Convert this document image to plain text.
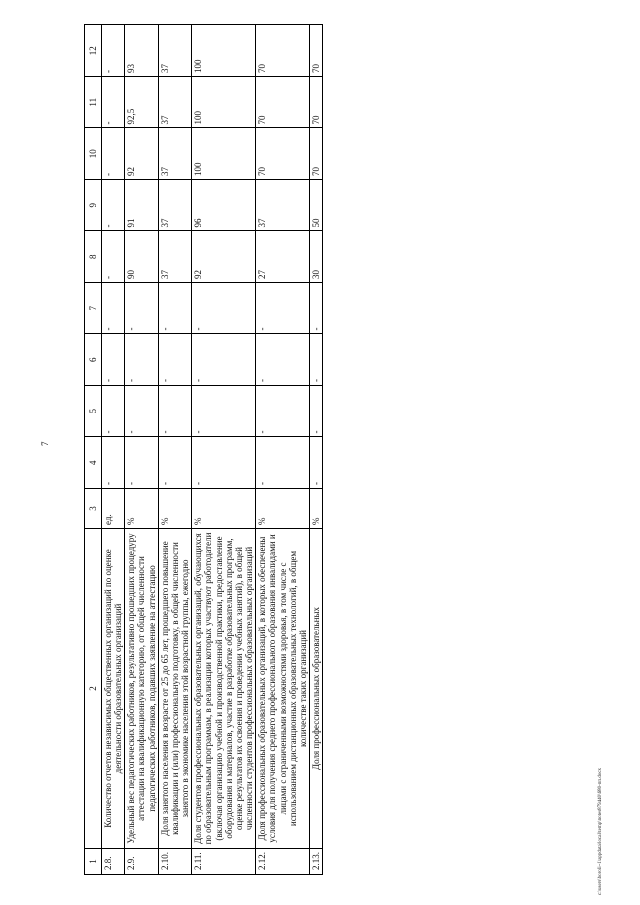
7
1	2	3	4	5	6	7	8	9	10	11	12
2.8.	Количество отчетов независимых общественных организаций по оценке деятельности образовательных организаций	ед.	-	-	-	-	-	-	-	-	-
2.9.	Удельный вес педагогических работников, результативно прошедших процедуру аттестации на квалификационную категорию, от общей численности педагогических работников, подавших заявление на аттестацию	%	-	-	-	-	90	91	92	92,5	93
2.10.	Доля занятого населения в возрасте от 25 до 65 лет, прошедшего повышение квалификации и (или) профессиональную подготовку, в общей численности занятого в экономике населения этой возрастной группы, ежегодно	%	-	-	-	-	37	37	37	37	37
2.11.	Доля студентов профессиональных образовательных организаций, обучающихся по образовательным программам, в реализации которых участвуют работодатели (включая организацию учебной и производственной практики, предоставление оборудования и материалов, участие в разработке образовательных программ, оценке результатов их освоения и проведении учебных занятий), в общей численности студентов профессиональных образовательных организаций	%	-	-	-	-	92	96	100	100	100
2.12.	Доля профессиональных образовательных организаций, в которых обеспечены условия для получения среднего профессионального образования инвалидами и лицами с ограниченными возможностями здоровья, в том числе с использованием дистанционных образовательных технологий, в общем количестве таких организаций	%	-	-	-	-	27	37	70	70	70
2.13.	Доля профессиональных образовательных	%	-	-	-	-	30	50	70	70	70
c:\users\boroli~1\appdata\local\temp\notes879440\680-пп.docx
